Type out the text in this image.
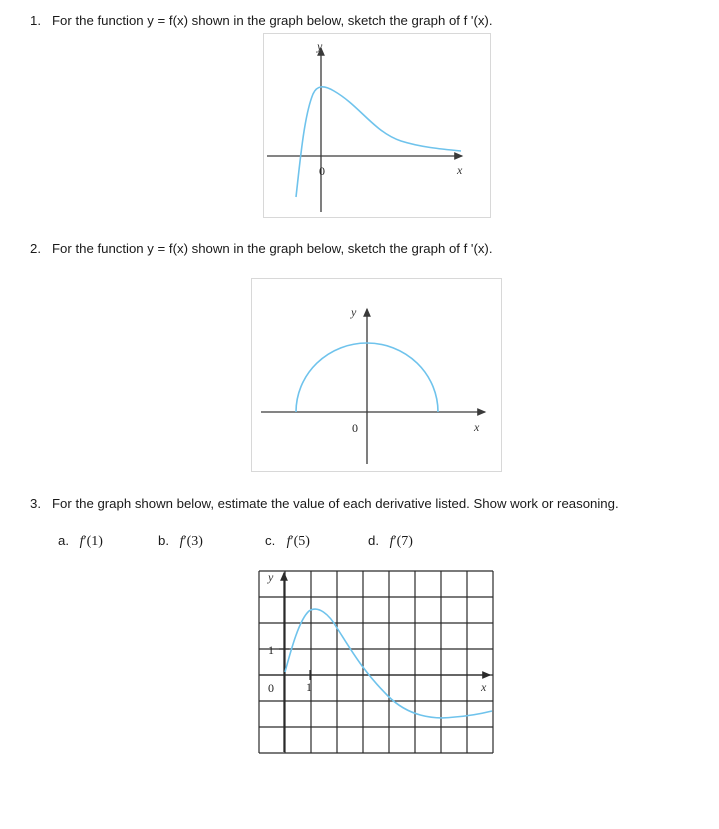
1. For the function y = f(x) shown in the graph below, sketch the graph of f '(x).
y
x
0
2. For the function y = f(x) shown in the graph below, sketch the graph of f '(x).
y
x
0
3. For the graph shown below, estimate the value of each derivative listed. Show work or reasoning.
a. f′(1)	b. f′(3)	c. f′(5)	d. f′(7)
y
x
0	1
1
